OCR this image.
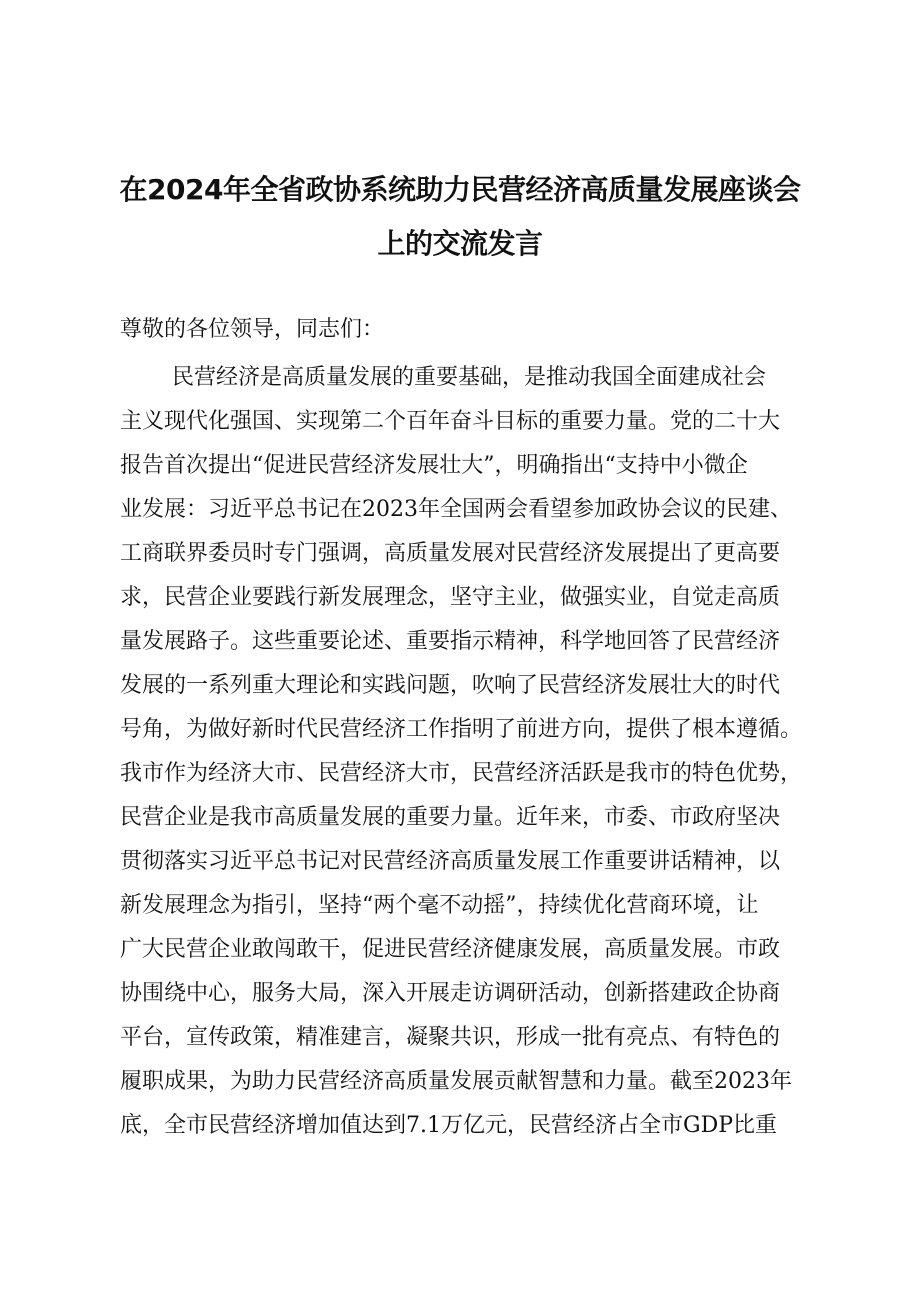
在2024年全省政协系统助力民营经济高质量发展座谈会
上的交流发言
尊敬的各位领导，同志们：
民营经济是高质量发展的重要基础，是推动我国全面建成社会
主义现代化强国、实现第二个百年奋斗目标的重要力量。党的二十大
报告首次提出“促进民营经济发展壮大”，明确指出“支持中小微企
业发展：习近平总书记在2023年全国两会看望参加政协会议的民建、
工商联界委员时专门强调，高质量发展对民营经济发展提出了更高要
求，民营企业要践行新发展理念，坚守主业，做强实业，自觉走高质
量发展路子。这些重要论述、重要指示精神，科学地回答了民营经济
发展的一系列重大理论和实践问题，吹响了民营经济发展壮大的时代
号角，为做好新时代民营经济工作指明了前进方向，提供了根本遵循。
我市作为经济大市、民营经济大市，民营经济活跃是我市的特色优势，
民营企业是我市高质量发展的重要力量。近年来，市委、市政府坚决
贯彻落实习近平总书记对民营经济高质量发展工作重要讲话精神，以
新发展理念为指引，坚持“两个毫不动摇”，持续优化营商环境，让
广大民营企业敢闯敢干，促进民营经济健康发展，高质量发展。市政
协围绕中心，服务大局，深入开展走访调研活动，创新搭建政企协商
平台，宣传政策，精准建言，凝聚共识，形成一批有亮点、有特色的
履职成果，为助力民营经济高质量发展贡献智慧和力量。截至2023年
底，全市民营经济增加值达到7.1万亿元，民营经济占全市GDP比重
